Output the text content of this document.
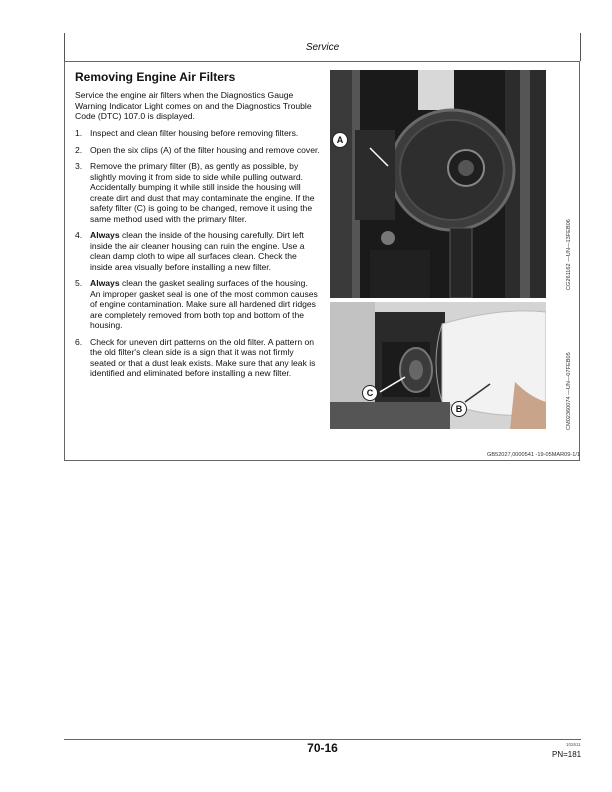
Service
Removing Engine Air Filters

Service the engine air filters when the Diagnostics Gauge Warning Indicator Light comes on and the Diagnostics Trouble Code (DTC) 107.0 is displayed.

1. Inspect and clean filter housing before removing filters.
2. Open the six clips (A) of the filter housing and remove cover.
3. Remove the primary filter (B), as gently as possible, by slightly moving it from side to side while pulling outward. Accidentally bumping it while still inside the housing will create dirt and dust that may contaminate the engine. If the safety filter (C) is going to be changed, remove it using the same method used with the primary filter.
4. Always clean the inside of the housing carefully. Dirt left inside the air cleaner housing can ruin the engine. Use a clean damp cloth to wipe all surfaces clean. Check the inside area visually before installing a new filter.
5. Always clean the gasket sealing surfaces of the housing. An improper gasket seal is one of the most common causes of engine contamination. Make sure all hardened dirt ridges are completely removed from both top and bottom of the housing.
6. Check for uneven dirt patterns on the old filter. A pattern on the old filter's clean side is a sign that it was not firmly seated or that a dust leak exists. Make sure that any leak is identified and eliminated before installing a new filter.
A
C
B
CG261162 —UN—13FEB06
CM02360074 —UN—07FEB05
GB52027,0000541 -19-05MAR09-1/1
70-16	102611
PN=181
